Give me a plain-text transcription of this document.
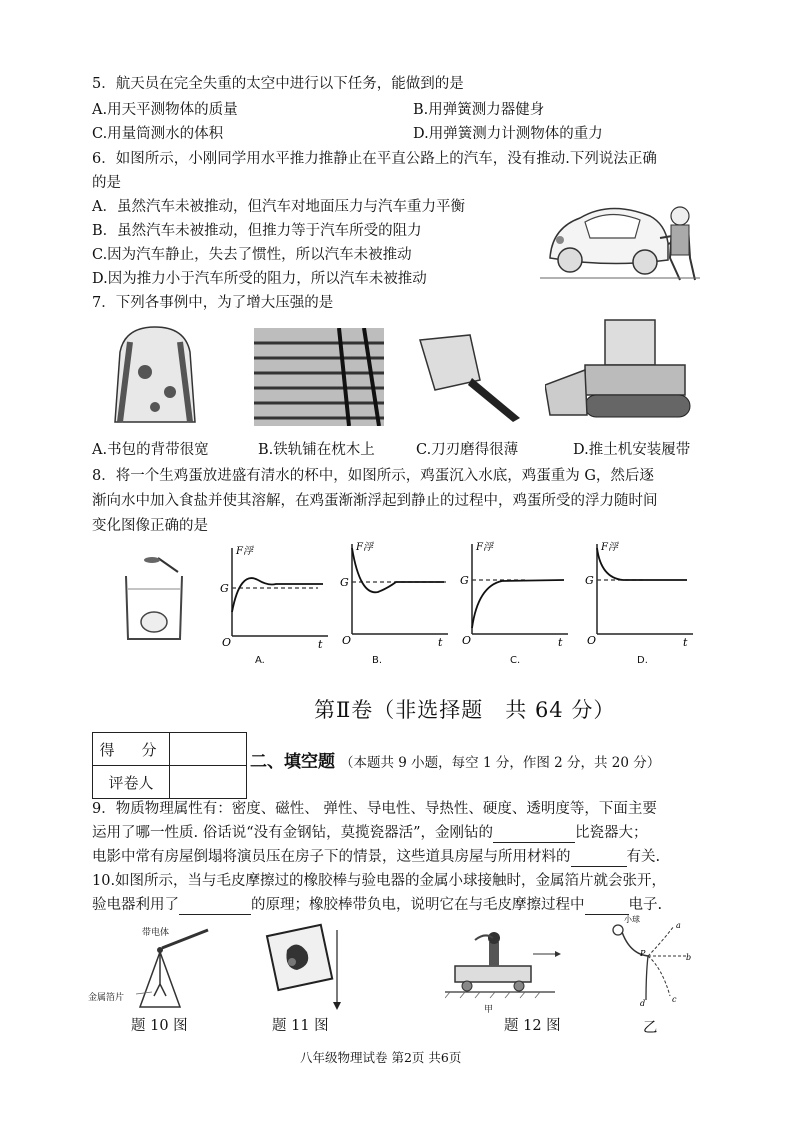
5．航天员在完全失重的太空中进行以下任务，能做到的是
A.用天平测物体的质量	B.用弹簧测力器健身
C.用量筒测水的体积	D.用弹簧测力计测物体的重力
6．如图所示，小刚同学用水平推力推静止在平直公路上的汽车，没有推动.下列说法正确
的是
A．虽然汽车未被推动，但汽车对地面压力与汽车重力平衡
B．虽然汽车未被推动，但推力等于汽车所受的阻力
C.因为汽车静止，失去了惯性，所以汽车未被推动
D.因为推力小于汽车所受的阻力，所以汽车未被推动
7．下列各事例中，为了增大压强的是
A.书包的背带很宽	B.铁轨铺在枕木上	C.刀刃磨得很薄	D.推土机安装履带
8．将一个生鸡蛋放进盛有清水的杯中，如图所示，鸡蛋沉入水底，鸡蛋重为 G，然后逐
渐向水中加入食盐并使其溶解，在鸡蛋渐渐浮起到静止的过程中，鸡蛋所受的浮力随时间
变化图像正确的是
F浮
G
O	t
A.
F浮
G
O	t
B.
F浮
G
O	t
C.
F浮
G
O	t
D.
第Ⅱ卷（非选择题　共 64 分）
得　分	
评卷人	
二、填空题 （本题共 9 小题，每空 1 分，作图 2 分，共 20 分）
9．物质物理属性有：密度、磁性、 弹性、导电性、导热性、硬度、透明度等，下面主要
运用了哪一性质. 俗话说“没有金钢钻，莫揽瓷器活”，金刚钻的	比瓷器大；
电影中常有房屋倒塌将演员压在房子下的情景，这些道具房屋与所用材料的	有关.
10.如图所示，当与毛皮摩擦过的橡胶棒与验电器的金属小球接触时，金属箔片就会张开，
验电器利用了	的原理；橡胶棒带负电，说明它在与毛皮摩擦过程中	电子.
带电体
金属箔片
题 10 图	题 11 图
甲
题 12 图
a
b
c
d
P
小球
乙
八年级物理试卷 第2页 共6页
